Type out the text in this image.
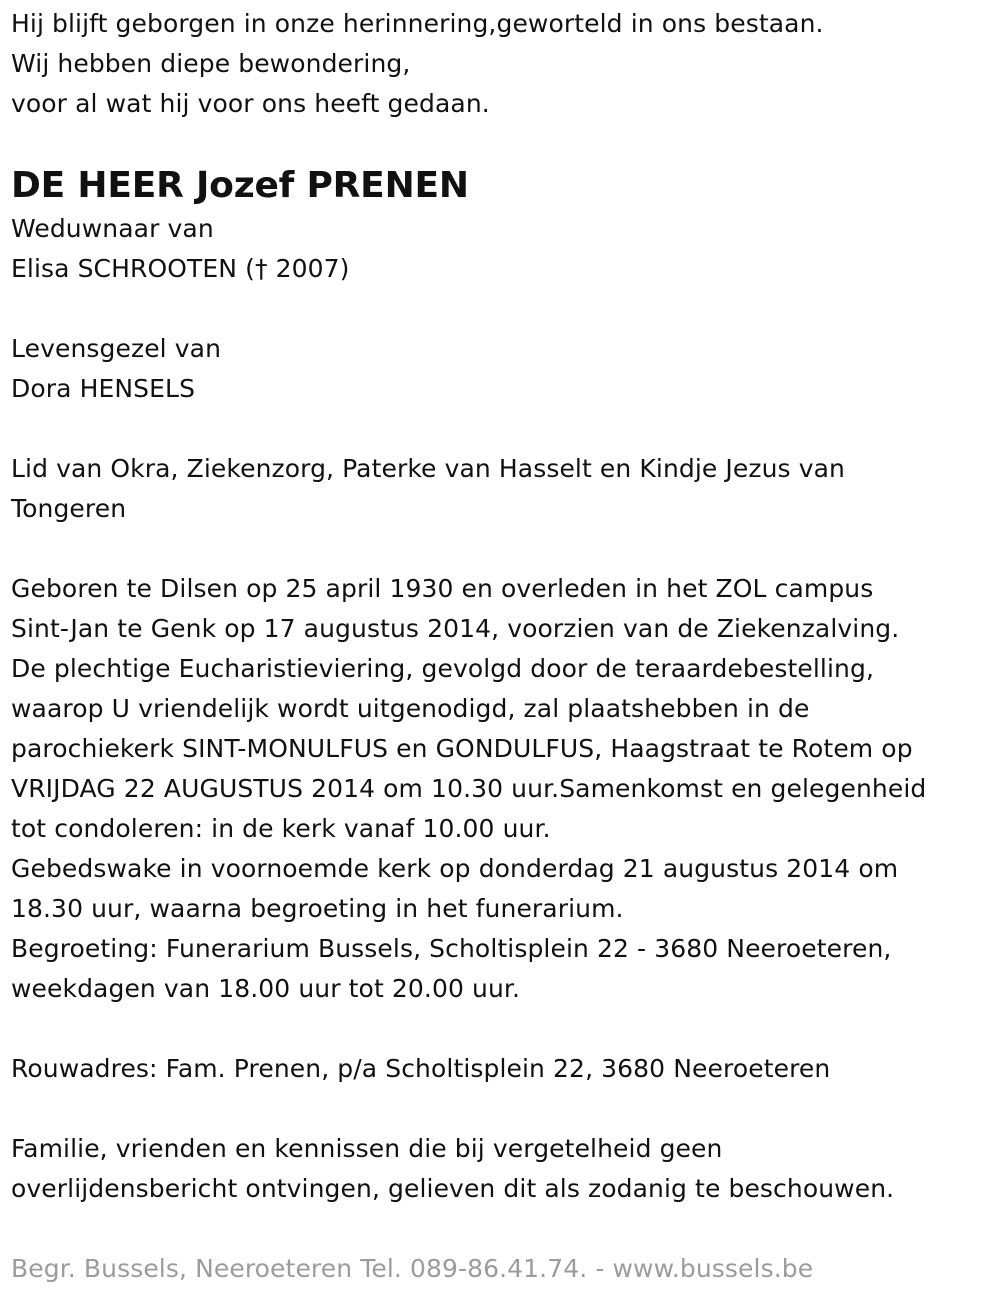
Hij blijft geborgen in onze herinnering,geworteld in ons bestaan.
Wij hebben diepe bewondering,
voor al wat hij voor ons heeft gedaan.
DE HEER Jozef PRENEN
Weduwnaar van
Elisa SCHROOTEN († 2007)
Levensgezel van
Dora HENSELS
Lid van Okra, Ziekenzorg, Paterke van Hasselt en Kindje Jezus van
Tongeren
Geboren te Dilsen op 25 april 1930 en overleden in het ZOL campus
Sint-Jan te Genk op 17 augustus 2014, voorzien van de Ziekenzalving.
De plechtige Eucharistieviering, gevolgd door de teraardebestelling,
waarop U vriendelijk wordt uitgenodigd, zal plaatshebben in de
parochiekerk SINT-MONULFUS en GONDULFUS, Haagstraat te Rotem op
VRIJDAG 22 AUGUSTUS 2014 om 10.30 uur.Samenkomst en gelegenheid
tot condoleren: in de kerk vanaf 10.00 uur.
Gebedswake in voornoemde kerk op donderdag 21 augustus 2014 om
18.30 uur, waarna begroeting in het funerarium.
Begroeting: Funerarium Bussels, Scholtisplein 22 - 3680 Neeroeteren,
weekdagen van 18.00 uur tot 20.00 uur.
Rouwadres: Fam. Prenen, p/a Scholtisplein 22, 3680 Neeroeteren
Familie, vrienden en kennissen die bij vergetelheid geen
overlijdensbericht ontvingen, gelieven dit als zodanig te beschouwen.
Begr. Bussels, Neeroeteren Tel. 089-86.41.74. - www.bussels.be
